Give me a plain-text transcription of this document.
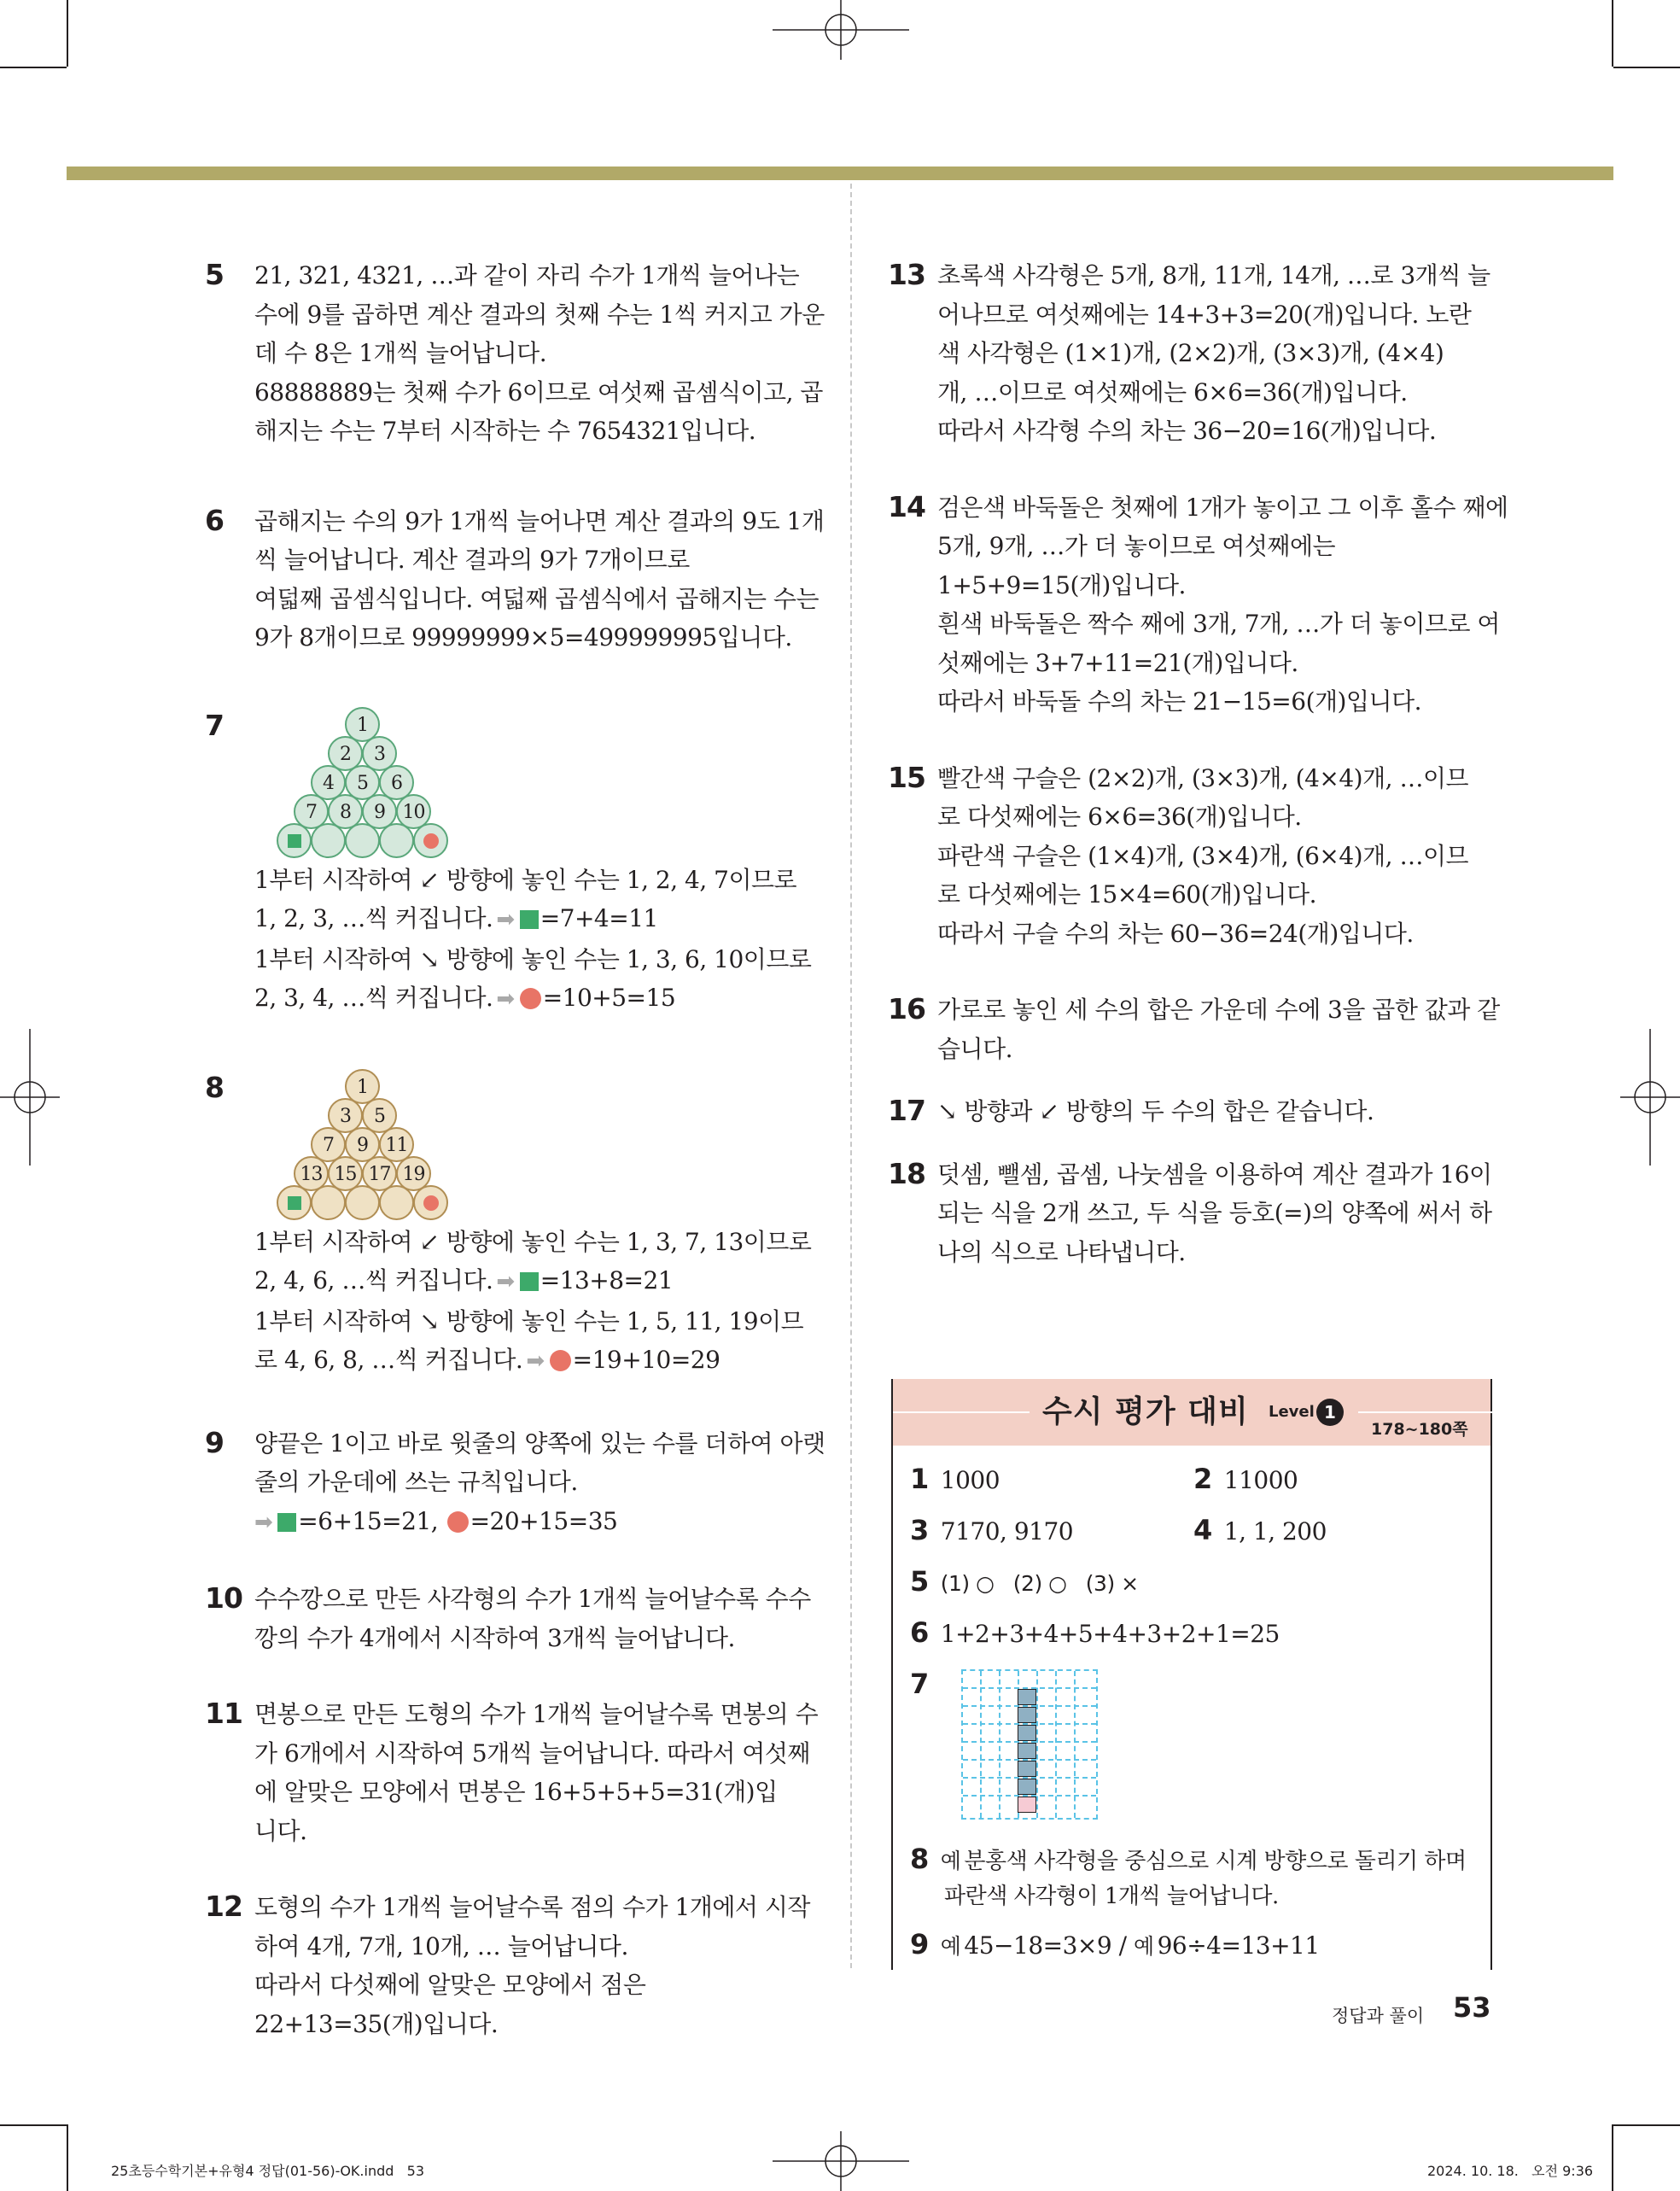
5 21, 321, 4321, …과 같이 자리 수가 1개씩 늘어나는
수에 9를 곱하면 계산 결과의 첫째 수는 1씩 커지고 가운
데 수 8은 1개씩 늘어납니다.
68888889는 첫째 수가 6이므로 여섯째 곱셈식이고, 곱
해지는 수는 7부터 시작하는 수 7654321입니다.
6 곱해지는 수의 9가 1개씩 늘어나면 계산 결과의 9도 1개
씩 늘어납니다. 계산 결과의 9가 7개이므로
여덟째 곱셈식입니다. 여덟째 곱셈식에서 곱해지는 수는
9가 8개이므로 99999999×5=499999995입니다.
7	1
2	3
4	5	6
7	8	9 10
1부터 시작하여 ↙ 방향에 놓인 수는 1, 2, 4, 7이므로
1, 2, 3, …씩 커집니다. ➡ =7+4=11
1부터 시작하여 ↘ 방향에 놓인 수는 1, 3, 6, 10이므로
2, 3, 4, …씩 커집니다. ➡ =10+5=15
8	1
3	5
7	9 11
13 15 17 19
1부터 시작하여 ↙ 방향에 놓인 수는 1, 3, 7, 13이므로
2, 4, 6, …씩 커집니다. ➡ =13+8=21
1부터 시작하여 ↘ 방향에 놓인 수는 1, 5, 11, 19이므
로 4, 6, 8, …씩 커집니다. ➡ =19+10=29
9 양끝은 1이고 바로 윗줄의 양쪽에 있는 수를 더하여 아랫
줄의 가운데에 쓰는 규칙입니다.
➡ =6+15=21, =20+15=35
10 수수깡으로 만든 사각형의 수가 1개씩 늘어날수록 수수
깡의 수가 4개에서 시작하여 3개씩 늘어납니다.
11 면봉으로 만든 도형의 수가 1개씩 늘어날수록 면봉의 수
가 6개에서 시작하여 5개씩 늘어납니다. 따라서 여섯째
에 알맞은 모양에서 면봉은 16+5+5+5=31(개)입
니다.
12 도형의 수가 1개씩 늘어날수록 점의 수가 1개에서 시작
하여 4개, 7개, 10개, … 늘어납니다.
따라서 다섯째에 알맞은 모양에서 점은
22+13=35(개)입니다.
13 초록색 사각형은 5개, 8개, 11개, 14개, …로 3개씩 늘
어나므로 여섯째에는 14+3+3=20(개)입니다. 노란
색 사각형은 (1×1)개, (2×2)개, (3×3)개, (4×4)
개, …이므로 여섯째에는 6×6=36(개)입니다.
따라서 사각형 수의 차는 36−20=16(개)입니다.
14 검은색 바둑돌은 첫째에 1개가 놓이고 그 이후 홀수 째에
5개, 9개, …가 더 놓이므로 여섯째에는
1+5+9=15(개)입니다.
흰색 바둑돌은 짝수 째에 3개, 7개, …가 더 놓이므로 여
섯째에는 3+7+11=21(개)입니다.
따라서 바둑돌 수의 차는 21−15=6(개)입니다.
15 빨간색 구슬은 (2×2)개, (3×3)개, (4×4)개, …이므
로 다섯째에는 6×6=36(개)입니다.
파란색 구슬은 (1×4)개, (3×4)개, (6×4)개, …이므
로 다섯째에는 15×4=60(개)입니다.
따라서 구슬 수의 차는 60−36=24(개)입니다.
16 가로로 놓인 세 수의 합은 가운데 수에 3을 곱한 값과 같
습니다.
17 ↘ 방향과 ↙ 방향의 두 수의 합은 같습니다.
18 덧셈, 뺄셈, 곱셈, 나눗셈을 이용하여 계산 결과가 16이
되는 식을 2개 쓰고, 두 식을 등호(=)의 양쪽에 써서 하
나의 식으로 나타냅니다.
수시 평가 대비 Level 1
178~180쪽
1 1000	2 11000
3 7170, 9170	4 1, 1, 200
5 (1) ○   (2) ○   (3) ×
6 1+2+3+4+5+4+3+2+1=25
7
8 예 분홍색 사각형을 중심으로 시계 방향으로 돌리기 하며
파란색 사각형이 1개씩 늘어납니다.
9 예 45−18=3×9 / 예 96÷4=13+11
정답과 풀이 53
25초등수학기본+유형4 정답(01-56)-OK.indd   53	2024. 10. 18.   오전 9:36
